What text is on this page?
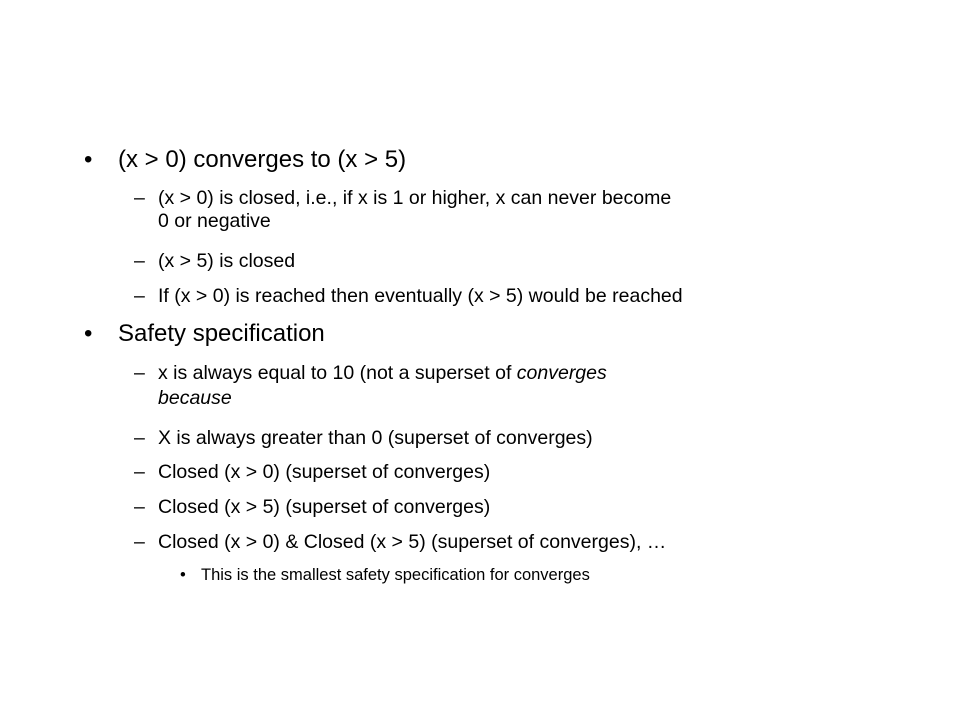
• (x > 0) converges to (x > 5)
– (x > 0) is closed, i.e., if x is 1 or higher, x can never become
0 or negative
– (x > 5) is closed
– If (x > 0) is reached then eventually (x > 5) would be reached
• Safety specification
– x is always equal to 10 (not a superset of converges
because
– X is always greater than 0 (superset of converges)
– Closed (x > 0) (superset of converges)
– Closed (x > 5) (superset of converges)
– Closed (x > 0) & Closed (x > 5) (superset of converges), …
• This is the smallest safety specification for converges
